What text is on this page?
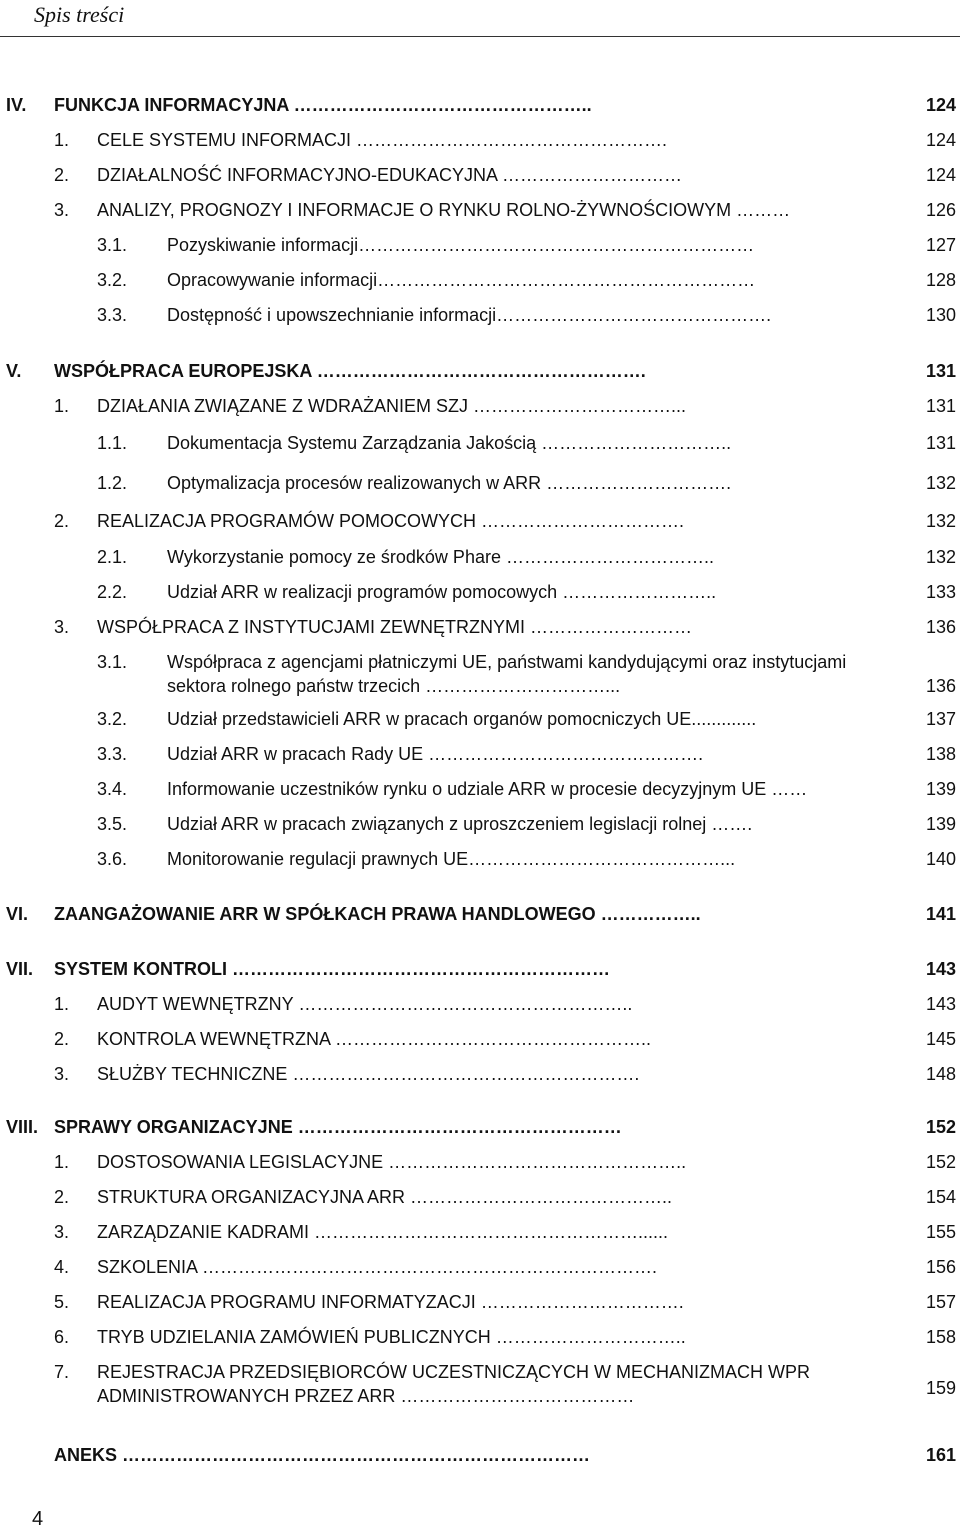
Spis treści
IV. FUNKCJA INFORMACYJNA …………………………………………..	124
1. CELE SYSTEMU INFORMACJI …………………………………………….	124
2. DZIAŁALNOŚĆ INFORMACYJNO-EDUKACYJNA …………………………	124
3. ANALIZY, PROGNOZY I INFORMACJE O RYNKU ROLNO-ŻYWNOŚCIOWYM ………	126
3.1. Pozyskiwanie informacji…………………………………………………………	127
3.2. Opracowywanie informacji………………………………………………………	128
3.3. Dostępność i upowszechnianie informacji……………………………………….	130
V. WSPÓŁPRACA EUROPEJSKA ……………………………………………….	131
1. DZIAŁANIA ZWIĄZANE Z WDRAŻANIEM SZJ ……………………………...	131
1.1. Dokumentacja Systemu Zarządzania Jakością …………………………..	131
1.2. Optymalizacja procesów realizowanych w ARR ………………………….	132
2. REALIZACJA PROGRAMÓW POMOCOWYCH …………………………….	132
2.1. Wykorzystanie pomocy ze środków Phare ……………………………..	132
2.2. Udział ARR w realizacji programów pomocowych ……………………..	133
3. WSPÓŁPRACA Z INSTYTUCJAMI ZEWNĘTRZNYMI ………………………	136
3.1. Współpraca z agencjami płatniczymi UE, państwami kandydującymi oraz instytucjami sektora rolnego państw trzecich …………………………...	136
3.2. Udział przedstawicieli ARR w pracach organów pomocniczych UE.............	137
3.3. Udział ARR w pracach Rady UE ……………………………………….	138
3.4. Informowanie uczestników rynku o udziale ARR w procesie decyzyjnym UE ……	139
3.5. Udział ARR w pracach związanych z uproszczeniem legislacji rolnej …….	139
3.6. Monitorowanie regulacji prawnych UE……………………………………...	140
VI. ZAANGAŻOWANIE ARR W SPÓŁKACH PRAWA HANDLOWEGO ……………..	141
VII. SYSTEM KONTROLI ………………………………………………………	143
1. AUDYT WEWNĘTRZNY ………………………………………………..	143
2. KONTROLA WEWNĘTRZNA ……………………………………………..	145
3. SŁUŻBY TECHNICZNE ………………………………………………….	148
VIII. SPRAWY ORGANIZACYJNE ………………………………………………	152
1. DOSTOSOWANIA LEGISLACYJNE …………………………………………..	152
2. STRUKTURA ORGANIZACYJNA ARR ……………………………………..	154
3. ZARZĄDZANIE KADRAMI ………………………………………………......	155
4. SZKOLENIA ………………………………………………………………….	156
5. REALIZACJA PROGRAMU INFORMATYZACJI …………………………….	157
6. TRYB UDZIELANIA ZAMÓWIEŃ PUBLICZNYCH …………………………..	158
7. REJESTRACJA PRZEDSIĘBIORCÓW UCZESTNICZĄCYCH W MECHANIZMACH WPR ADMINISTROWANYCH PRZEZ ARR …………………………………	159
ANEKS ……………………………………………………………………	161
4
